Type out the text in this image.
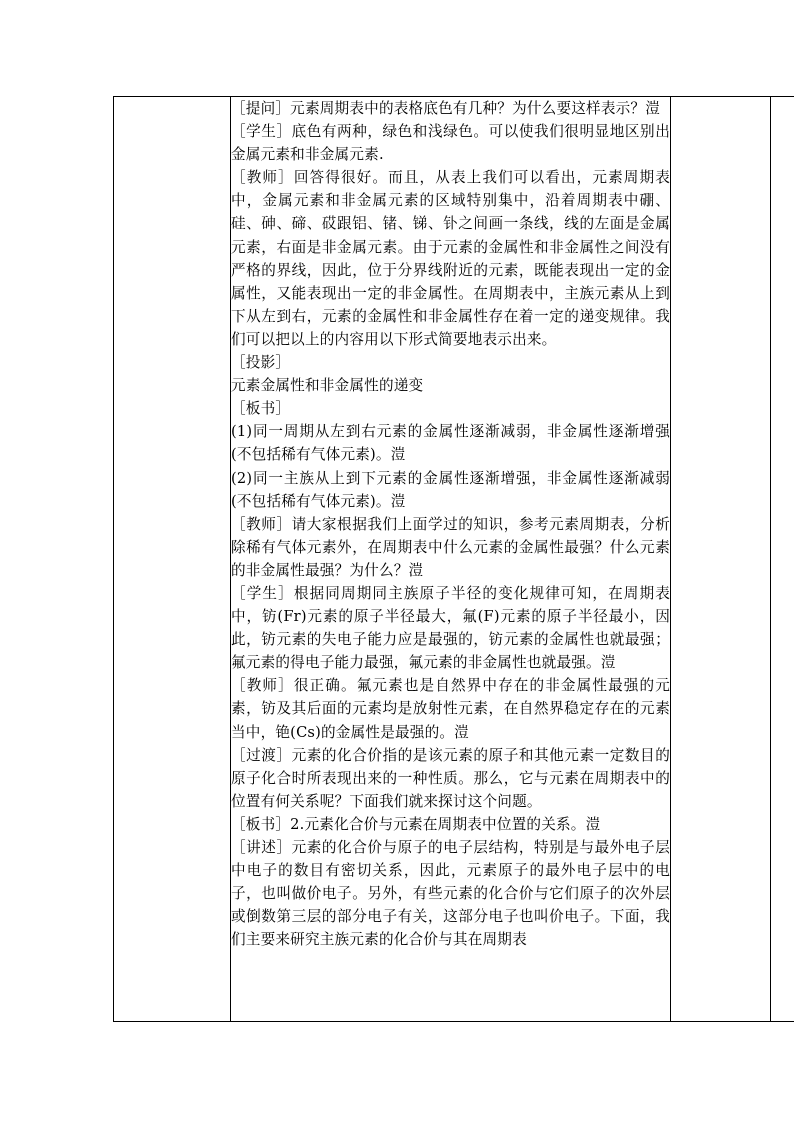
［提问］元素周期表中的表格底色有几种？为什么要这样表示？溰

［学生］底色有两种，绿色和浅绿色。可以使我们很明显地区别出金属元素和非金属元素.

［教师］回答得很好。而且，从表上我们可以看出，元素周期表中，金属元素和非金属元素的区域特别集中，沿着周期表中硼、硅、砷、碲、砹跟铝、锗、锑、钋之间画一条线，线的左面是金属元素，右面是非金属元素。由于元素的金属性和非金属性之间没有严格的界线，因此，位于分界线附近的元素，既能表现出一定的金属性，又能表现出一定的非金属性。在周期表中，主族元素从上到下从左到右，元素的金属性和非金属性存在着一定的递变规律。我们可以把以上的内容用以下形式简要地表示出来。

［投影］

元素金属性和非金属性的递变

［板书］

(1)同一周期从左到右元素的金属性逐渐减弱，非金属性逐渐增强(不包括稀有气体元素)。溰

(2)同一主族从上到下元素的金属性逐渐增强，非金属性逐渐减弱(不包括稀有气体元素)。溰

［教师］请大家根据我们上面学过的知识，参考元素周期表，分析除稀有气体元素外，在周期表中什么元素的金属性最强？什么元素的非金属性最强？为什么？溰

［学生］根据同周期同主族原子半径的变化规律可知，在周期表中，钫(Fr)元素的原子半径最大，氟(F)元素的原子半径最小，因此，钫元素的失电子能力应是最强的，钫元素的金属性也就最强；氟元素的得电子能力最强，氟元素的非金属性也就最强。溰

［教师］很正确。氟元素也是自然界中存在的非金属性最强的元素，钫及其后面的元素均是放射性元素，在自然界稳定存在的元素当中，铯(Cs)的金属性是最强的。溰

［过渡］元素的化合价指的是该元素的原子和其他元素一定数目的原子化合时所表现出来的一种性质。那么，它与元素在周期表中的位置有何关系呢？下面我们就来探讨这个问题。

［板书］2.元素化合价与元素在周期表中位置的关系。溰

［讲述］元素的化合价与原子的电子层结构，特别是与最外电子层中电子的数目有密切关系，因此，元素原子的最外电子层中的电子，也叫做价电子。另外，有些元素的化合价与它们原子的次外层或倒数第三层的部分电子有关，这部分电子也叫价电子。下面，我们主要来研究主族元素的化合价与其在周期表
